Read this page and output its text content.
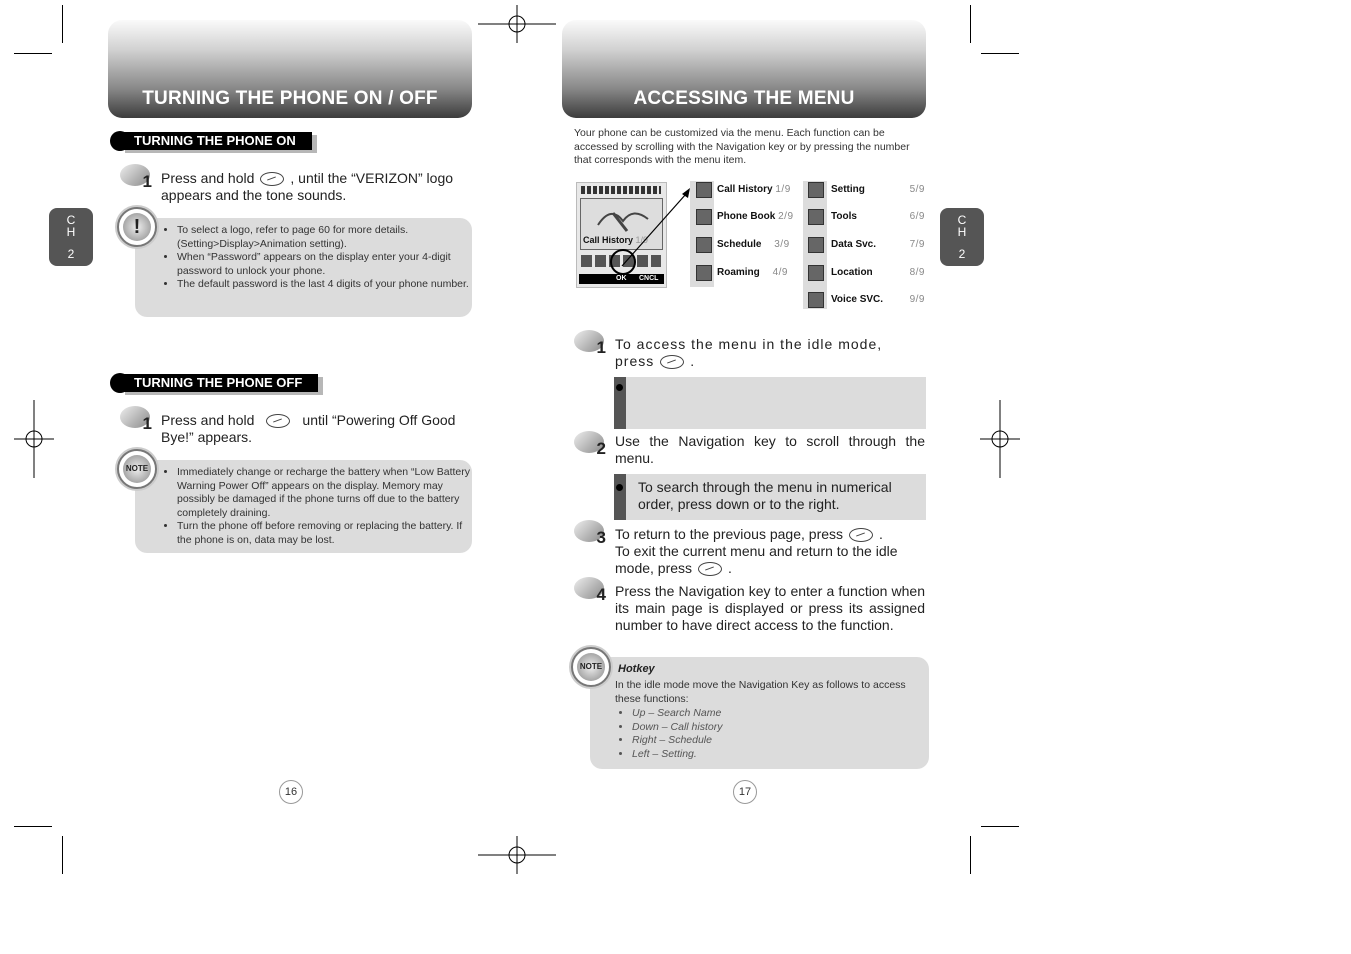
TURNING THE PHONE ON / OFF
C
H
2
TURNING THE PHONE ON
1 Press and hold	, until the “VERIZON” logo
appears and the tone sounds.
• To select a logo, refer to page 60 for more details. (Setting>Display>Animation setting).
• When “Password” appears on the display enter your 4-digit password to unlock your phone.
• The default password is the last 4 digits of your phone number.
!
TURNING THE PHONE OFF
1 Press and hold	until “Powering Off Good
Bye!” appears.
• Immediately change or recharge the battery when “Low Battery Warning Power Off” appears on the display. Memory may possibly be damaged if the phone turns off due to the battery completely draining.
• Turn the phone off before removing or replacing the battery. If the phone is on, data may be lost.
NOTE
16
ACCESSING THE MENU
C
H
2
Your phone can be customized via the menu. Each function can be accessed by scrolling with the Navigation key or by pressing the number that corresponds with the menu item.
Call History 1/9
OK CNCL
Call History 1/9
Phone Book 2/9
Schedule 3/9
Roaming 4/9
Setting	5/9
Tools	6/9
Data Svc.	7/9
Location	8/9
Voice SVC.	9/9
1 To access the menu in the idle mode,
press	.
2 Use the Navigation key to scroll through the menu.
To search through the menu in numerical order, press down or to the right.
3 To return to the previous page, press	.
To exit the current menu and return to the idle
mode, press	.
4 Press the Navigation key to enter a function when its main page is displayed or press its assigned number to have direct access to the function.
Hotkey
In the idle mode move the Navigation Key as follows to access these functions:
• Up – Search Name
• Down – Call history
• Right – Schedule
• Left – Setting.
NOTE
17
